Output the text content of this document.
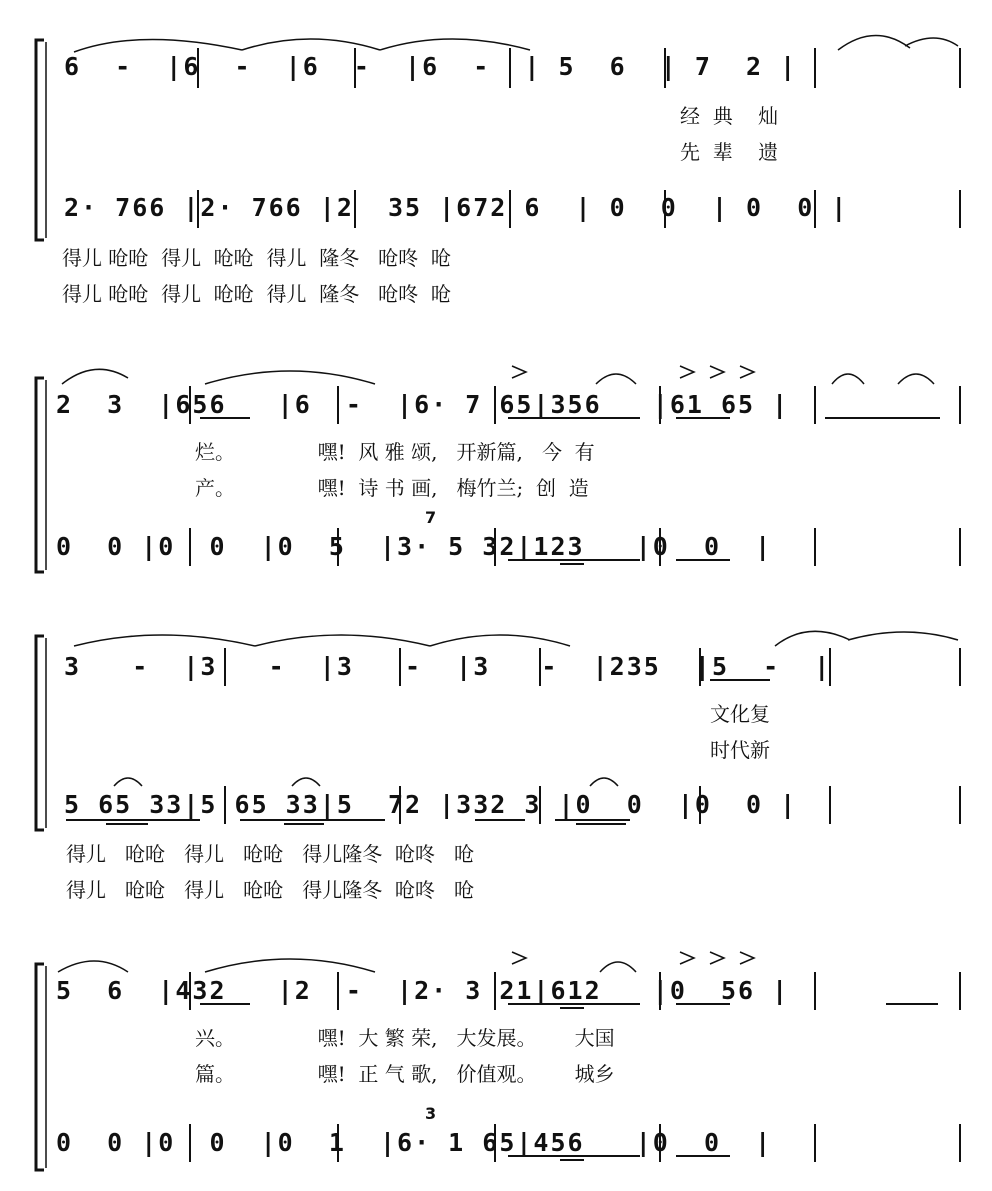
6  -  |6  -  |6  -  |6  -  | 5  6  | 7  2 |
经  典    灿
先  辈    遗
2· 766 |2· 766 |2  35 |672 6  | 0  0  | 0  0 |
得儿 呛呛  得儿  呛呛  得儿  隆冬   呛咚  呛
得儿 呛呛  得儿  呛呛  得儿  隆冬   呛咚  呛
2  3  |656   |6  -  |6· 7 65|356   |61 65 |
烂。             嘿!  风 雅 颂,   开新篇,   今  有
产。             嘿!  诗 书 画,   梅竹兰;  创  造
7
0  0 |0  0  |0  5  |3· 5 32|123   |0  0  |
3   -  |3   -  |3   -  |3   -  |235  |5  -  |
文化复
时代新
5 65 33|5 65 33|5  72 |332 3 |0  0  |0  0 |
得儿   呛呛   得儿   呛呛   得儿隆冬  呛咚   呛
得儿   呛呛   得儿   呛呛   得儿隆冬  呛咚   呛
5  6  |432   |2  -  |2· 3 21|612   |0  56 |
兴。             嘿!  大 繁 荣,   大发展。      大国
篇。             嘿!  正 气 歌,   价值观。      城乡
3
0  0 |0  0  |0  1  |6· 1 65|456   |0  0  |
